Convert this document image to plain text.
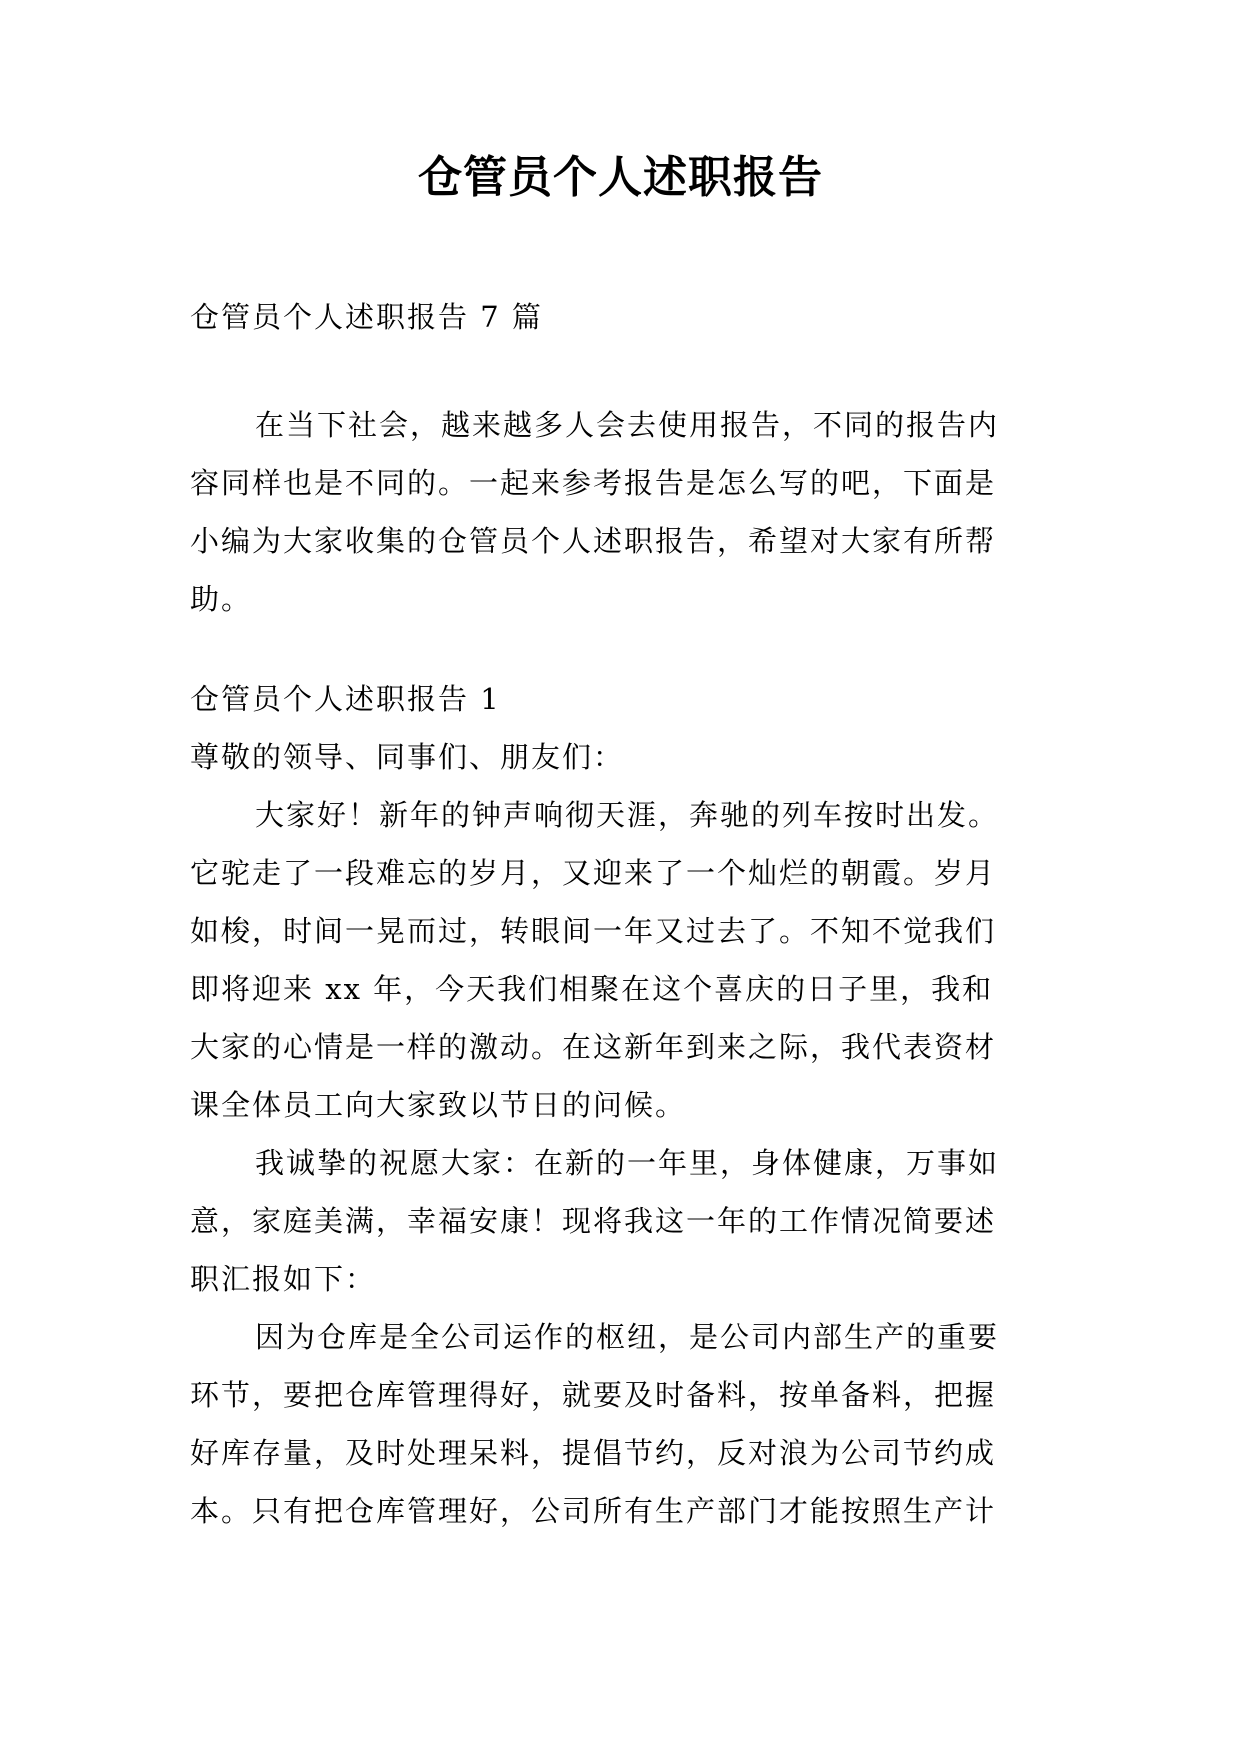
仓管员个人述职报告
仓管员个人述职报告 7 篇
在当下社会，越来越多人会去使用报告，不同的报告内
容同样也是不同的。一起来参考报告是怎么写的吧，下面是
小编为大家收集的仓管员个人述职报告，希望对大家有所帮
助。
仓管员个人述职报告 1
尊敬的领导、同事们、朋友们：
大家好！新年的钟声响彻天涯，奔驰的列车按时出发。
它驼走了一段难忘的岁月，又迎来了一个灿烂的朝霞。岁月
如梭，时间一晃而过，转眼间一年又过去了。不知不觉我们
即将迎来 xx 年，今天我们相聚在这个喜庆的日子里，我和
大家的心情是一样的激动。在这新年到来之际，我代表资材
课全体员工向大家致以节日的问候。
我诚挚的祝愿大家：在新的一年里，身体健康，万事如
意，家庭美满，幸福安康！现将我这一年的工作情况简要述
职汇报如下：
因为仓库是全公司运作的枢纽，是公司内部生产的重要
环节，要把仓库管理得好，就要及时备料，按单备料，把握
好库存量，及时处理呆料，提倡节约，反对浪为公司节约成
本。只有把仓库管理好，公司所有生产部门才能按照生产计
